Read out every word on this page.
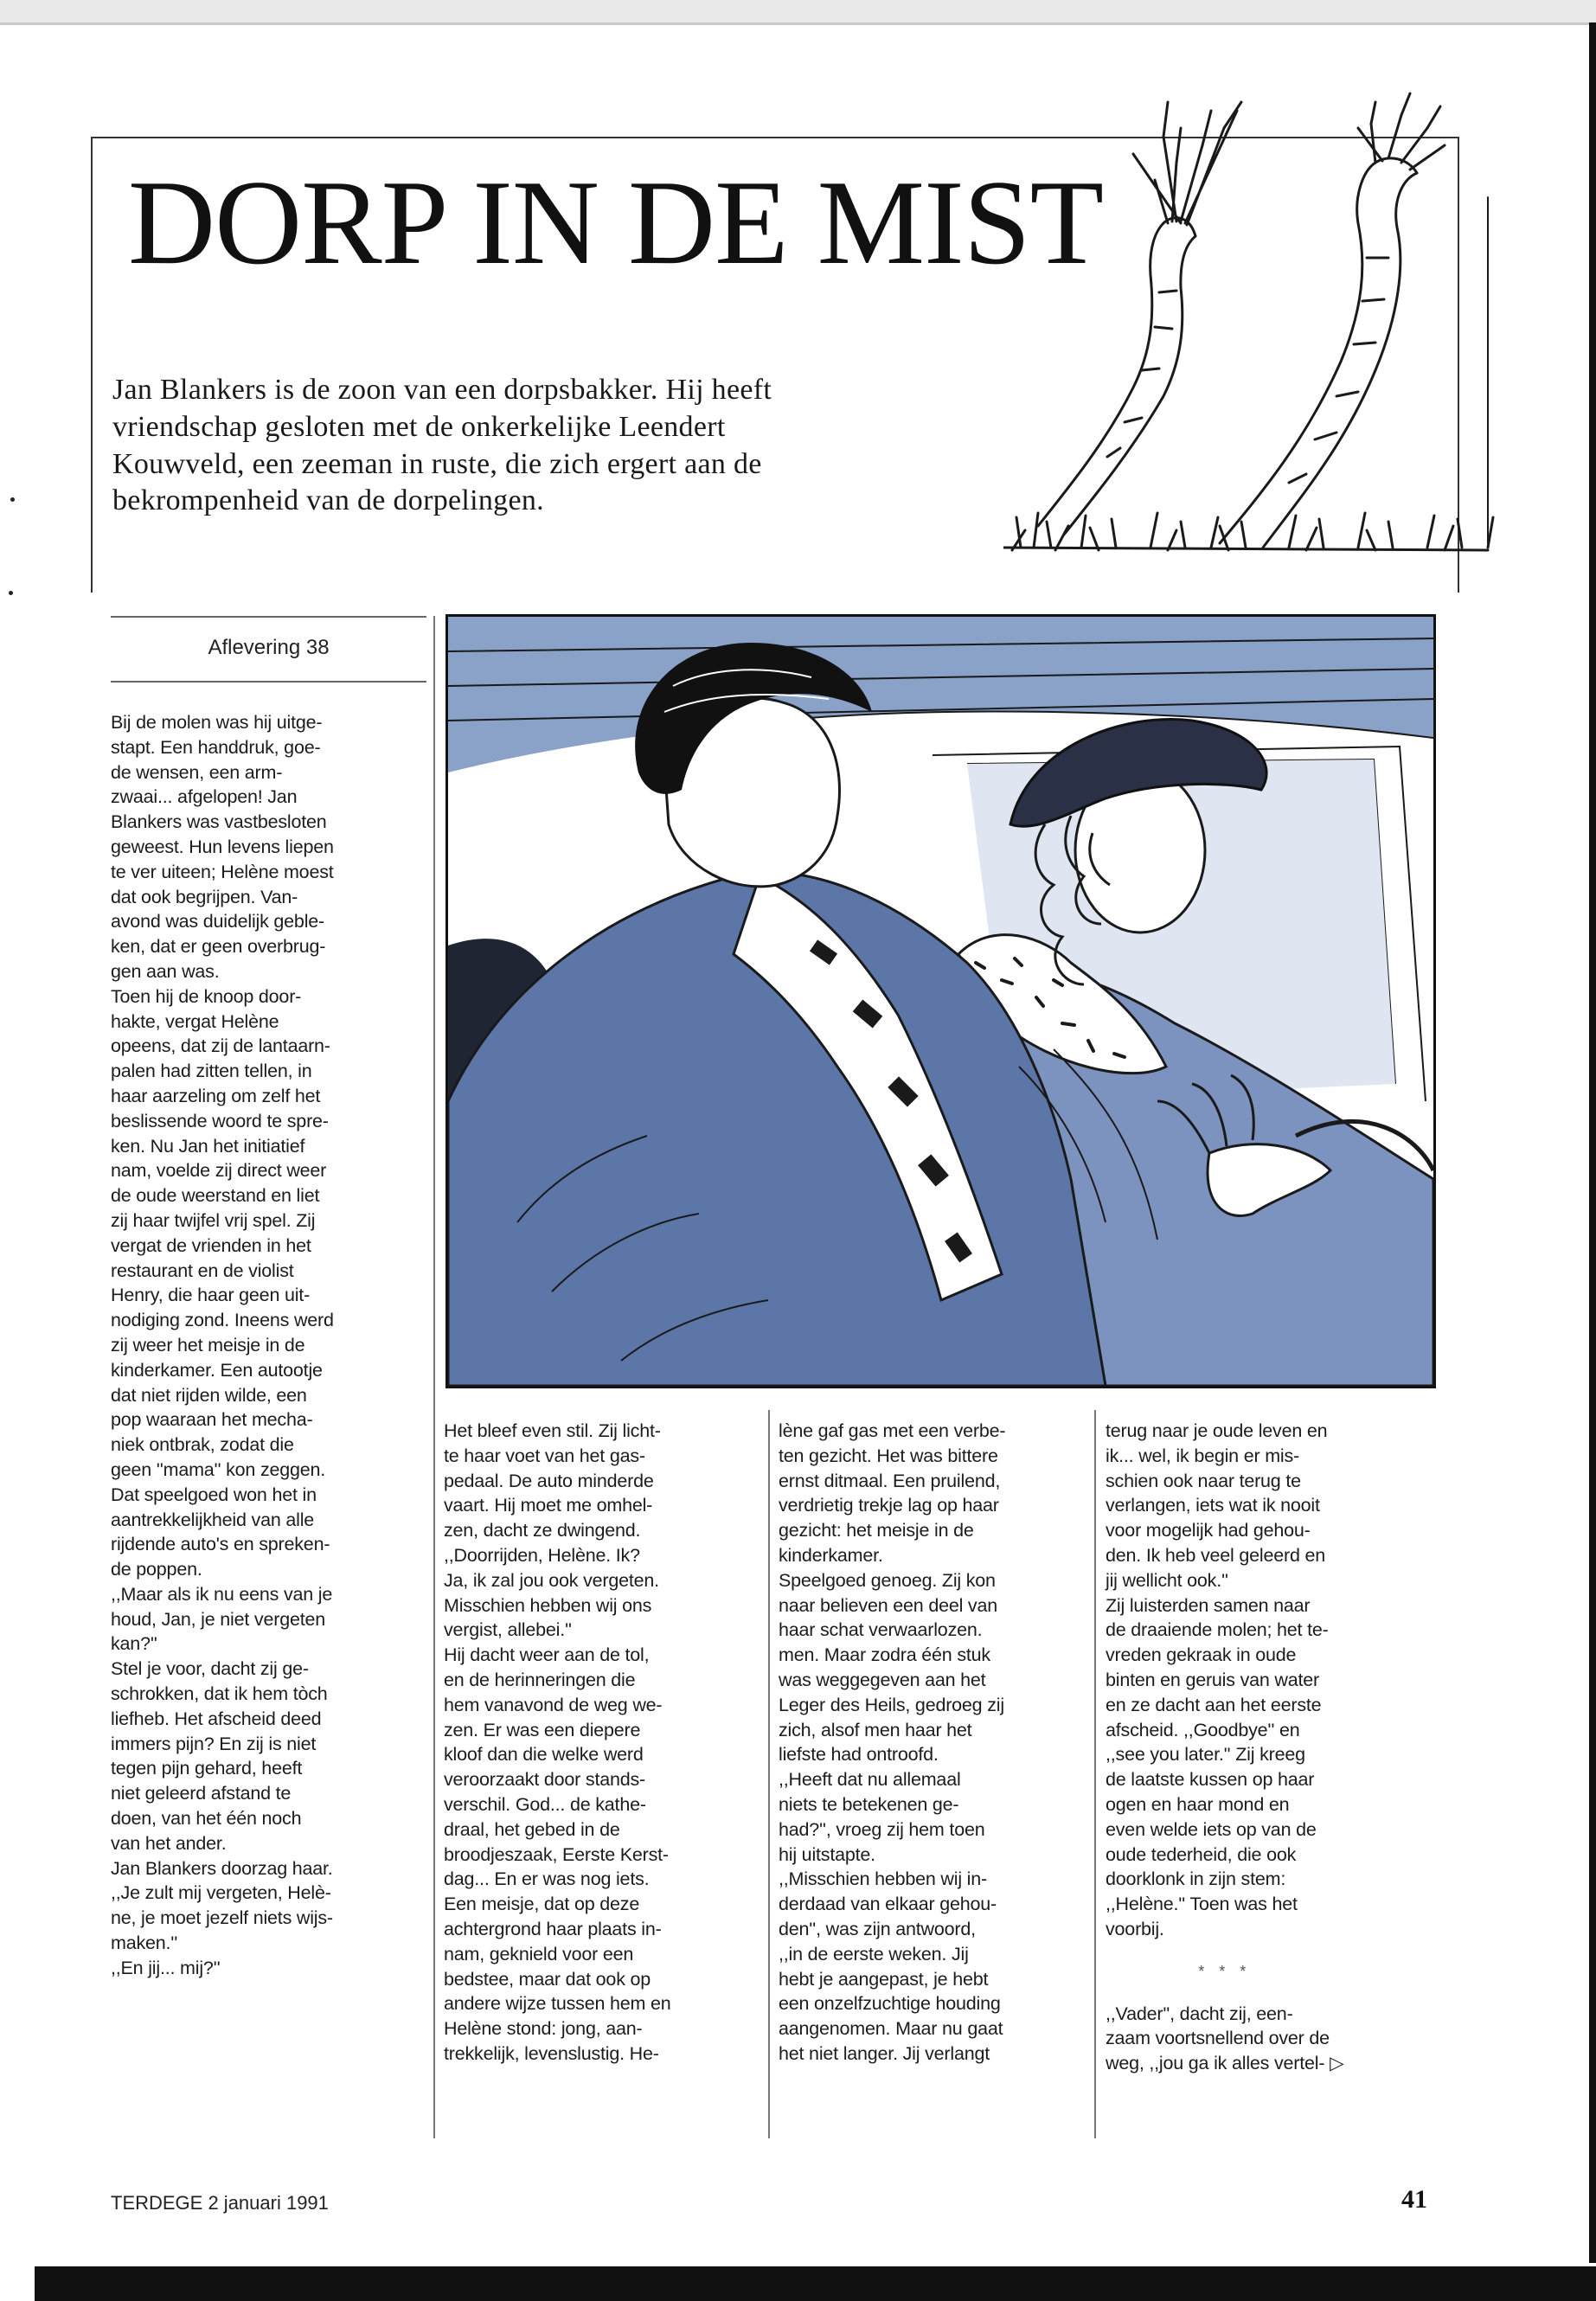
DORP IN DE MIST
Jan Blankers is de zoon van een dorpsbakker. Hij heeft
vriendschap gesloten met de onkerkelijke Leendert
Kouwveld, een zeeman in ruste, die zich ergert aan de
bekrompenheid van de dorpelingen.
Aflevering 38
Bij de molen was hij uitge-
stapt. Een handdruk, goe-
de wensen, een arm-
zwaai... afgelopen! Jan
Blankers was vastbesloten
geweest. Hun levens liepen
te ver uiteen; Helène moest
dat ook begrijpen. Van-
avond was duidelijk geble-
ken, dat er geen overbrug-
gen aan was.
Toen hij de knoop door-
hakte, vergat Helène
opeens, dat zij de lantaarn-
palen had zitten tellen, in
haar aarzeling om zelf het
beslissende woord te spre-
ken. Nu Jan het initiatief
nam, voelde zij direct weer
de oude weerstand en liet
zij haar twijfel vrij spel. Zij
vergat de vrienden in het
restaurant en de violist
Henry, die haar geen uit-
nodiging zond. Ineens werd
zij weer het meisje in de
kinderkamer. Een autootje
dat niet rijden wilde, een
pop waaraan het mecha-
niek ontbrak, zodat die
geen ''mama'' kon zeggen.
Dat speelgoed won het in
aantrekkelijkheid van alle
rijdende auto's en spreken-
de poppen.
,,Maar als ik nu eens van je
houd, Jan, je niet vergeten
kan?''
Stel je voor, dacht zij ge-
schrokken, dat ik hem tòch
liefheb. Het afscheid deed
immers pijn? En zij is niet
tegen pijn gehard, heeft
niet geleerd afstand te
doen, van het één noch
van het ander.
Jan Blankers doorzag haar.
,,Je zult mij vergeten, Helè-
ne, je moet jezelf niets wijs-
maken.''
,,En jij... mij?''
Het bleef even stil. Zij licht-
te haar voet van het gas-
pedaal. De auto minderde
vaart. Hij moet me omhel-
zen, dacht ze dwingend.
,,Doorrijden, Helène. Ik?
Ja, ik zal jou ook vergeten.
Misschien hebben wij ons
vergist, allebei.''
Hij dacht weer aan de tol,
en de herinneringen die
hem vanavond de weg we-
zen. Er was een diepere
kloof dan die welke werd
veroorzaakt door stands-
verschil. God... de kathe-
draal, het gebed in de
broodjeszaak, Eerste Kerst-
dag... En er was nog iets.
Een meisje, dat op deze
achtergrond haar plaats in-
nam, geknield voor een
bedstee, maar dat ook op
andere wijze tussen hem en
Helène stond: jong, aan-
trekkelijk, levenslustig. He-
lène gaf gas met een verbe-
ten gezicht. Het was bittere
ernst ditmaal. Een pruilend,
verdrietig trekje lag op haar
gezicht: het meisje in de
kinderkamer.
Speelgoed genoeg. Zij kon
naar believen een deel van
haar schat verwaarlozen.
men. Maar zodra één stuk
was weggegeven aan het
Leger des Heils, gedroeg zij
zich, alsof men haar het
liefste had ontroofd.
,,Heeft dat nu allemaal
niets te betekenen ge-
had?'', vroeg zij hem toen
hij uitstapte.
,,Misschien hebben wij in-
derdaad van elkaar gehou-
den'', was zijn antwoord,
,,in de eerste weken. Jij
hebt je aangepast, je hebt
een onzelfzuchtige houding
aangenomen. Maar nu gaat
het niet langer. Jij verlangt
terug naar je oude leven en
ik... wel, ik begin er mis-
schien ook naar terug te
verlangen, iets wat ik nooit
voor mogelijk had gehou-
den. Ik heb veel geleerd en
jij wellicht ook.''
Zij luisterden samen naar
de draaiende molen; het te-
vreden gekraak in oude
binten en geruis van water
en ze dacht aan het eerste
afscheid. ,,Goodbye'' en
,,see you later.'' Zij kreeg
de laatste kussen op haar
ogen en haar mond en
even welde iets op van de
oude tederheid, die ook
doorklonk in zijn stem:
,,Helène.'' Toen was het
voorbij.
* * *
,,Vader'', dacht zij, een-
zaam voortsnellend over de
weg, ,,jou ga ik alles vertel- ▷
TERDEGE 2 januari 1991	41
